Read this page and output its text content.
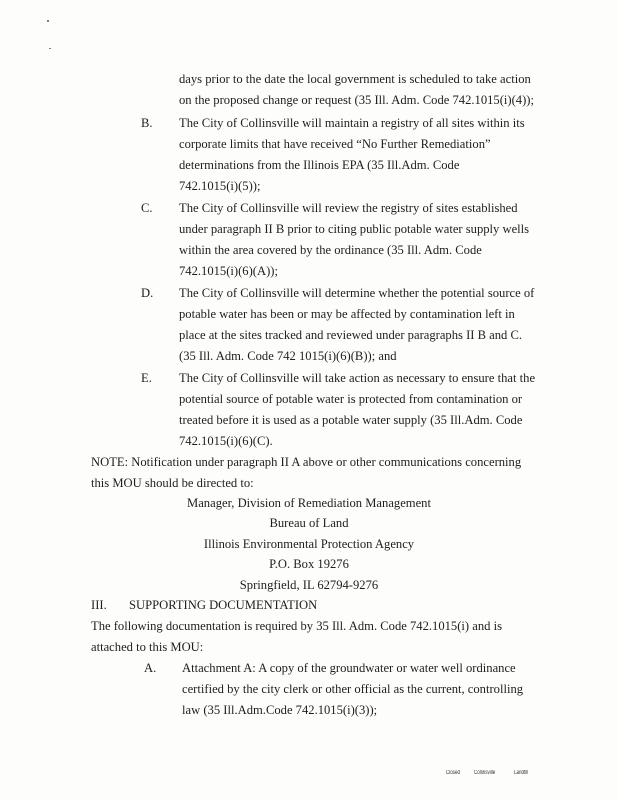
days prior to the date the local government is scheduled to take action

on the proposed change or request (35 Ill. Adm. Code 742.1015(i)(4));

B. The City of Collinsville will maintain a registry of all sites within its

corporate limits that have received “No Further Remediation”

determinations from the Illinois EPA (35 Ill.Adm. Code

742.1015(i)(5));

C. The City of Collinsville will review the registry of sites established

under paragraph II B prior to citing public potable water supply wells

within the area covered by the ordinance (35 Ill. Adm. Code

742.1015(i)(6)(A));

D. The City of Collinsville will determine whether the potential source of

potable water has been or may be affected by contamination left in

place at the sites tracked and reviewed under paragraphs II B and C.

(35 Ill. Adm. Code 742 1015(i)(6)(B)); and

E. The City of Collinsville will take action as necessary to ensure that the

potential source of potable water is protected from contamination or

treated before it is used as a potable water supply (35 Ill.Adm. Code

742.1015(i)(6)(C).

NOTE: Notification under paragraph II A above or other communications concerning

this MOU should be directed to:

Manager, Division of Remediation Management

Bureau of Land

Illinois Environmental Protection Agency

P.O. Box 19276

Springfield, IL 62794-9276

III. SUPPORTING DOCUMENTATION

The following documentation is required by 35 Ill. Adm. Code 742.1015(i) and is

attached to this MOU:

A. Attachment A: A copy of the groundwater or water well ordinance

certified by the city clerk or other official as the current, controlling

law (35 Ill.Adm.Code 742.1015(i)(3));

Closed Collinsville	Landfill
